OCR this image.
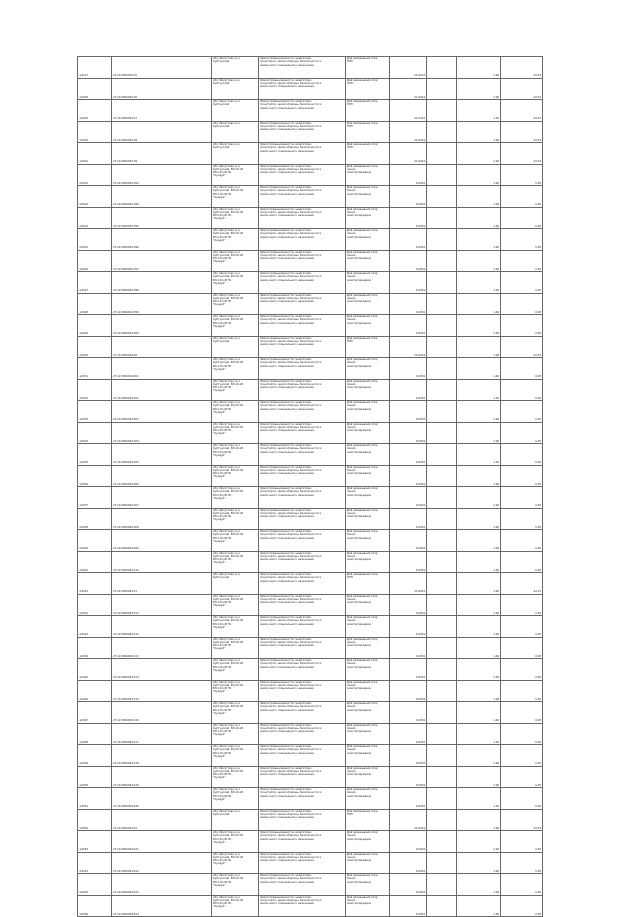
ч/2017	27:22:0000004:35	обл. Иркутская, р-н
Куйтунский	Земли промышленности, энергетики,
транспорта, земли обороны, безопасности и
земли иного специального назначения	Для размещения опор
ЛЭП	21,0024		1,00	22,54

ч/2018	27:22:0000004:36	обл. Иркутская, р-н
Куйтунский	Земли промышленности, энергетики,
транспорта, земли обороны, безопасности и
земли иного специального назначения	Для размещения опор
ЛЭП	21,0024		1,00	22,54

ч/2019	27:22:0000004:37	обл. Иркутская, р-н
Куйтунский	Земли промышленности, энергетики,
транспорта, земли обороны, безопасности и
земли иного специального назначения	Для размещения опор
ЛЭП	21,0024		1,00	22,54

ч/2020	27:22:0000004:38	обл. Иркутская, р-н
Куйтунский	Земли промышленности, энергетики,
транспорта, земли обороны, безопасности и
земли иного специального назначения	Для размещения опор
ЛЭП	21,0024		1,00	22,54

ч/2021	27:22:0000004:39	обл. Иркутская, р-н
Куйтунский	Земли промышленности, энергетики,
транспорта, земли обороны, безопасности и
земли иного специального назначения	Для размещения опор
ЛЭП	21,0024		1,00	22,54

ч/2022	27:22:0000004:393	обл. Иркутская, р-н
Куйтунский, ВЛ-10 кВ
ВЛ-110 кВ ПС
"Кундуй"	Земли промышленности, энергетики,
транспорта, земли обороны, безопасности и
земли иного специального назначения	Для размещения опор
линии
электропередачи	0,0054		1,00	0,05

ч/2023	27:22:0000004:394	обл. Иркутская, р-н
Куйтунский, ВЛ-10 кВ
ВЛ-110 кВ ПС
"Кундуй"	Земли промышленности, энергетики,
транспорта, земли обороны, безопасности и
земли иного специального назначения	Для размещения опор
линии
электропередачи	0,0054		1,00	0,05

ч/2024	27:22:0000004:395	обл. Иркутская, р-н
Куйтунский, ВЛ-10 кВ
ВЛ-110 кВ ПС
"Кундуй"	Земли промышленности, энергетики,
транспорта, земли обороны, безопасности и
земли иного специального назначения	Для размещения опор
линии
электропередачи	0,0054		1,00	0,05

ч/2025	27:22:0000004:396	обл. Иркутская, р-н
Куйтунский, ВЛ-10 кВ
ВЛ-110 кВ ПС
"Кундуй"	Земли промышленности, энергетики,
транспорта, земли обороны, безопасности и
земли иного специального назначения	Для размещения опор
линии
электропередачи	0,0054		1,00	0,05

ч/2026	27:22:0000004:397	обл. Иркутская, р-н
Куйтунский, ВЛ-10 кВ
ВЛ-110 кВ ПС
"Кундуй"	Земли промышленности, энергетики,
транспорта, земли обороны, безопасности и
земли иного специального назначения	Для размещения опор
линии
электропередачи	0,0054		1,00	0,05

ч/2027	27:22:0000004:398	обл. Иркутская, р-н
Куйтунский, ВЛ-10 кВ
ВЛ-110 кВ ПС
"Кундуй"	Земли промышленности, энергетики,
транспорта, земли обороны, безопасности и
земли иного специального назначения	Для размещения опор
линии
электропередачи	0,0054		1,00	0,05

ч/2028	27:22:0000004:399	обл. Иркутская, р-н
Куйтунский, ВЛ-10 кВ
ВЛ-110 кВ ПС
"Кундуй"	Земли промышленности, энергетики,
транспорта, земли обороны, безопасности и
земли иного специального назначения	Для размещения опор
линии
электропередачи	0,0054		1,00	0,05

ч/2029	27:22:0000004:400	обл. Иркутская, р-н
Куйтунский, ВЛ-10 кВ
ВЛ-110 кВ ПС
"Кундуй"	Земли промышленности, энергетики,
транспорта, земли обороны, безопасности и
земли иного специального назначения	Для размещения опор
линии
электропередачи	0,0054		1,00	0,05

ч/2030	27:22:0000004:40	обл. Иркутская, р-н
Куйтунский	Земли промышленности, энергетики,
транспорта, земли обороны, безопасности и
земли иного специального назначения	Для размещения опор
ЛЭП	21,0024		1,00	22,54

ч/2031	27:22:0000004:401	обл. Иркутская, р-н
Куйтунский, ВЛ-10 кВ
ВЛ-110 кВ ПС
"Кундуй"	Земли промышленности, энергетики,
транспорта, земли обороны, безопасности и
земли иного специального назначения	Для размещения опор
линии
электропередачи	0,0054		1,00	0,05

ч/2032	27:22:0000004:402	обл. Иркутская, р-н
Куйтунский, ВЛ-10 кВ
ВЛ-110 кВ ПС
"Кундуй"	Земли промышленности, энергетики,
транспорта, земли обороны, безопасности и
земли иного специального назначения	Для размещения опор
линии
электропередачи	0,0054		1,00	0,05

ч/2033	27:22:0000004:403	обл. Иркутская, р-н
Куйтунский, ВЛ-10 кВ
ВЛ-110 кВ ПС
"Кундуй"	Земли промышленности, энергетики,
транспорта, земли обороны, безопасности и
земли иного специального назначения	Для размещения опор
линии
электропередачи	0,0054		1,00	0,05

ч/2034	27:22:0000004:404	обл. Иркутская, р-н
Куйтунский, ВЛ-10 кВ
ВЛ-110 кВ ПС
"Кундуй"	Земли промышленности, энергетики,
транспорта, земли обороны, безопасности и
земли иного специального назначения	Для размещения опор
линии
электропередачи	0,0054		1,00	0,05

ч/2035	27:22:0000004:405	обл. Иркутская, р-н
Куйтунский, ВЛ-10 кВ
ВЛ-110 кВ ПС
"Кундуй"	Земли промышленности, энергетики,
транспорта, земли обороны, безопасности и
земли иного специального назначения	Для размещения опор
линии
электропередачи	0,0054		1,00	0,05

ч/2036	27:22:0000004:406	обл. Иркутская, р-н
Куйтунский, ВЛ-10 кВ
ВЛ-110 кВ ПС
"Кундуй"	Земли промышленности, энергетики,
транспорта, земли обороны, безопасности и
земли иного специального назначения	Для размещения опор
линии
электропередачи	0,0054		1,00	0,05

ч/2037	27:22:0000004:407	обл. Иркутская, р-н
Куйтунский, ВЛ-10 кВ
ВЛ-110 кВ ПС
"Кундуй"	Земли промышленности, энергетики,
транспорта, земли обороны, безопасности и
земли иного специального назначения	Для размещения опор
линии
электропередачи	0,0054		1,00	0,05

ч/2038	27:22:0000004:408	обл. Иркутская, р-н
Куйтунский, ВЛ-10 кВ
ВЛ-110 кВ ПС
"Кундуй"	Земли промышленности, энергетики,
транспорта, земли обороны, безопасности и
земли иного специального назначения	Для размещения опор
линии
электропередачи	0,0054		1,00	0,05

ч/2039	27:22:0000004:409	обл. Иркутская, р-н
Куйтунский, ВЛ-10 кВ
ВЛ-110 кВ ПС
"Кундуй"	Земли промышленности, энергетики,
транспорта, земли обороны, безопасности и
земли иного специального назначения	Для размещения опор
линии
электропередачи	0,0054		1,00	0,05

ч/2040	27:22:0000004:410	обл. Иркутская, р-н
Куйтунский, ВЛ-10 кВ
ВЛ-110 кВ ПС
"Кундуй"	Земли промышленности, энергетики,
транспорта, земли обороны, безопасности и
земли иного специального назначения	Для размещения опор
линии
электропередачи	0,0054		1,00	0,05

ч/2041	27:22:0000004:41	обл. Иркутская, р-н
Куйтунский	Земли промышленности, энергетики,
транспорта, земли обороны, безопасности и
земли иного специального назначения	Для размещения опор
ЛЭП	21,0024		1,00	22,54

ч/2042	27:22:0000004:411	обл. Иркутская, р-н
Куйтунский, ВЛ-10 кВ
ВЛ-110 кВ ПС
"Кундуй"	Земли промышленности, энергетики,
транспорта, земли обороны, безопасности и
земли иного специального назначения	Для размещения опор
линии
электропередачи	0,0054		1,00	0,05

ч/2043	27:22:0000004:412	обл. Иркутская, р-н
Куйтунский, ВЛ-10 кВ
ВЛ-110 кВ ПС
"Кундуй"	Земли промышленности, энергетики,
транспорта, земли обороны, безопасности и
земли иного специального назначения	Для размещения опор
линии
электропередачи	0,0054		1,00	0,05

ч/2044	27:22:0000004:413	обл. Иркутская, р-н
Куйтунский, ВЛ-10 кВ
ВЛ-110 кВ ПС
"Кундуй"	Земли промышленности, энергетики,
транспорта, земли обороны, безопасности и
земли иного специального назначения	Для размещения опор
линии
электропередачи	0,0054		1,00	0,05

ч/2045	27:22:0000004:414	обл. Иркутская, р-н
Куйтунский, ВЛ-10 кВ
ВЛ-110 кВ ПС
"Кундуй"	Земли промышленности, энергетики,
транспорта, земли обороны, безопасности и
земли иного специального назначения	Для размещения опор
линии
электропередачи	0,0054		1,00	0,05

ч/2046	27:22:0000004:415	обл. Иркутская, р-н
Куйтунский, ВЛ-10 кВ
ВЛ-110 кВ ПС
"Кундуй"	Земли промышленности, энергетики,
транспорта, земли обороны, безопасности и
земли иного специального назначения	Для размещения опор
линии
электропередачи	0,0054		1,00	0,05

ч/2047	27:22:0000004:416	обл. Иркутская, р-н
Куйтунский, ВЛ-10 кВ
ВЛ-110 кВ ПС
"Кундуй"	Земли промышленности, энергетики,
транспорта, земли обороны, безопасности и
земли иного специального назначения	Для размещения опор
линии
электропередачи	0,0054		1,00	0,05

ч/2048	27:22:0000004:417	обл. Иркутская, р-н
Куйтунский, ВЛ-10 кВ
ВЛ-110 кВ ПС
"Кундуй"	Земли промышленности, энергетики,
транспорта, земли обороны, безопасности и
земли иного специального назначения	Для размещения опор
линии
электропередачи	0,0054		1,00	0,05

ч/2049	27:22:0000004:418	обл. Иркутская, р-н
Куйтунский, ВЛ-10 кВ
ВЛ-110 кВ ПС
"Кундуй"	Земли промышленности, энергетики,
транспорта, земли обороны, безопасности и
земли иного специального назначения	Для размещения опор
линии
электропередачи	0,0054		1,00	0,05

ч/2050	27:22:0000004:419	обл. Иркутская, р-н
Куйтунский, ВЛ-10 кВ
ВЛ-110 кВ ПС
"Кундуй"	Земли промышленности, энергетики,
транспорта, земли обороны, безопасности и
земли иного специального назначения	Для размещения опор
линии
электропередачи	0,0054		1,00	0,05

ч/2051	27:22:0000004:420	обл. Иркутская, р-н
Куйтунский, ВЛ-10 кВ
ВЛ-110 кВ ПС
"Кундуй"	Земли промышленности, энергетики,
транспорта, земли обороны, безопасности и
земли иного специального назначения	Для размещения опор
линии
электропередачи	0,0054		1,00	0,05

ч/2052	27:22:0000004:42	обл. Иркутская, р-н
Куйтунский	Земли промышленности, энергетики,
транспорта, земли обороны, безопасности и
земли иного специального назначения	Для размещения опор
ЛЭП	21,0024		1,00	22,54

ч/2053	27:22:0000004:421	обл. Иркутская, р-н
Куйтунский, ВЛ-10 кВ
ВЛ-110 кВ ПС
"Кундуй"	Земли промышленности, энергетики,
транспорта, земли обороны, безопасности и
земли иного специального назначения	Для размещения опор
линии
электропередачи	0,0054		1,00	0,05

ч/2054	27:22:0000004:422	обл. Иркутская, р-н
Куйтунский, ВЛ-10 кВ
ВЛ-110 кВ ПС
"Кундуй"	Земли промышленности, энергетики,
транспорта, земли обороны, безопасности и
земли иного специального назначения	Для размещения опор
линии
электропередачи	0,0054		1,00	0,05

ч/2055	27:22:0000004:423	обл. Иркутская, р-н
Куйтунский, ВЛ-10 кВ
ВЛ-110 кВ ПС
"Кундуй"	Земли промышленности, энергетики,
транспорта, земли обороны, безопасности и
земли иного специального назначения	Для размещения опор
линии
электропередачи	0,0054		1,00	0,05

ч/2056	27:22:0000004:424	обл. Иркутская, р-н
Куйтунский, ВЛ-10 кВ
ВЛ-110 кВ ПС
"Кундуй"	Земли промышленности, энергетики,
транспорта, земли обороны, безопасности и
земли иного специального назначения	Для размещения опор
линии
электропередачи	0,0054		1,00	0,05
